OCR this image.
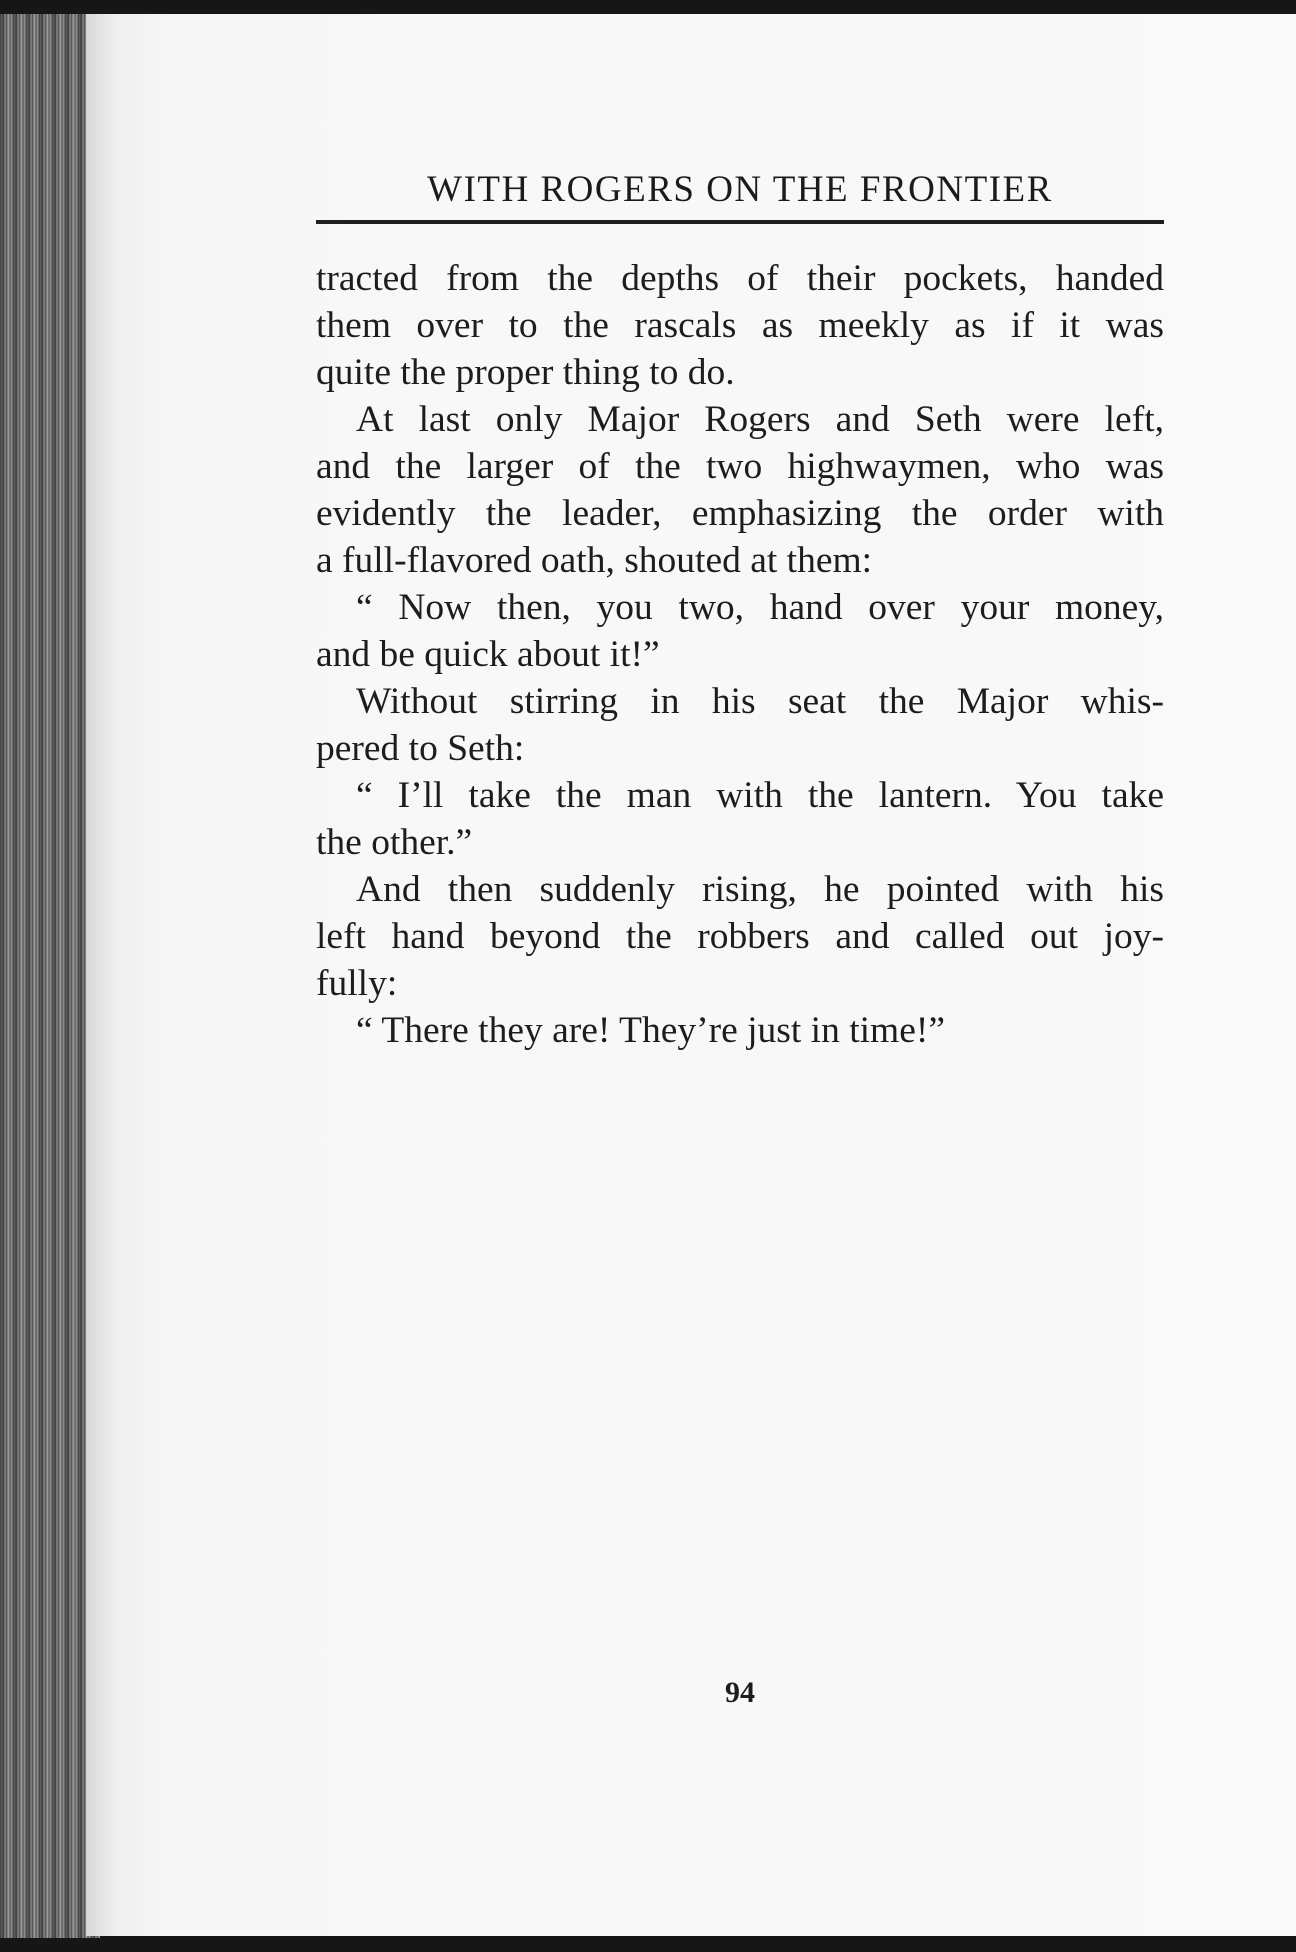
WITH ROGERS ON THE FRONTIER
tracted from the depths of their pockets, handed
them over to the rascals as meekly as if it was
quite the proper thing to do.
At last only Major Rogers and Seth were left,
and the larger of the two highwaymen, who was
evidently the leader, emphasizing the order with
a full-flavored oath, shouted at them:
“ Now then, you two, hand over your money,
and be quick about it!”
Without stirring in his seat the Major whis-
pered to Seth:
“ I’ll take the man with the lantern. You take
the other.”
And then suddenly rising, he pointed with his
left hand beyond the robbers and called out joy-
fully:
“ There they are! They’re just in time!”
94
